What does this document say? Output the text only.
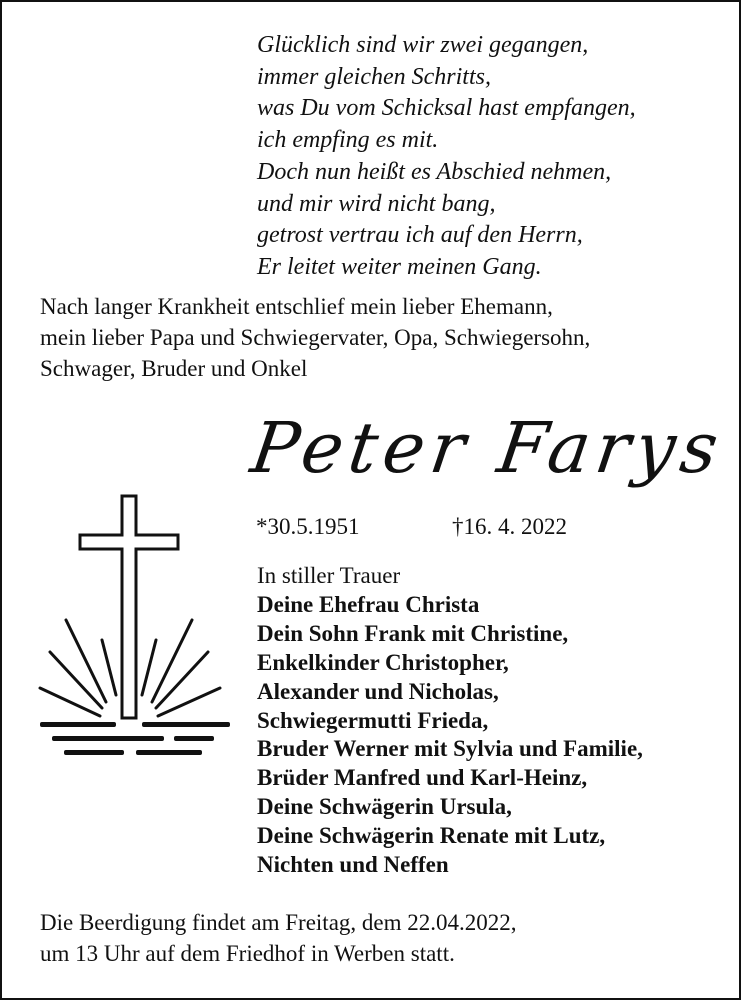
Glücklich sind wir zwei gegangen,
immer gleichen Schritts,
was Du vom Schicksal hast empfangen,
ich empfing es mit.
Doch nun heißt es Abschied nehmen,
und mir wird nicht bang,
getrost vertrau ich auf den Herrn,
Er leitet weiter meinen Gang.
Nach langer Krankheit entschlief mein lieber Ehemann,
mein lieber Papa und Schwiegervater, Opa, Schwiegersohn,
Schwager, Bruder und Onkel
Peter Farys
*30.5.1951	†16. 4. 2022
In stiller Trauer
Deine Ehefrau Christa
Dein Sohn Frank mit Christine,
Enkelkinder Christopher,
Alexander und Nicholas,
Schwiegermutti Frieda,
Bruder Werner mit Sylvia und Familie,
Brüder Manfred und Karl-Heinz,
Deine Schwägerin Ursula,
Deine Schwägerin Renate mit Lutz,
Nichten und Neffen
Die Beerdigung findet am Freitag, dem 22.04.2022,
um 13 Uhr auf dem Friedhof in Werben statt.
